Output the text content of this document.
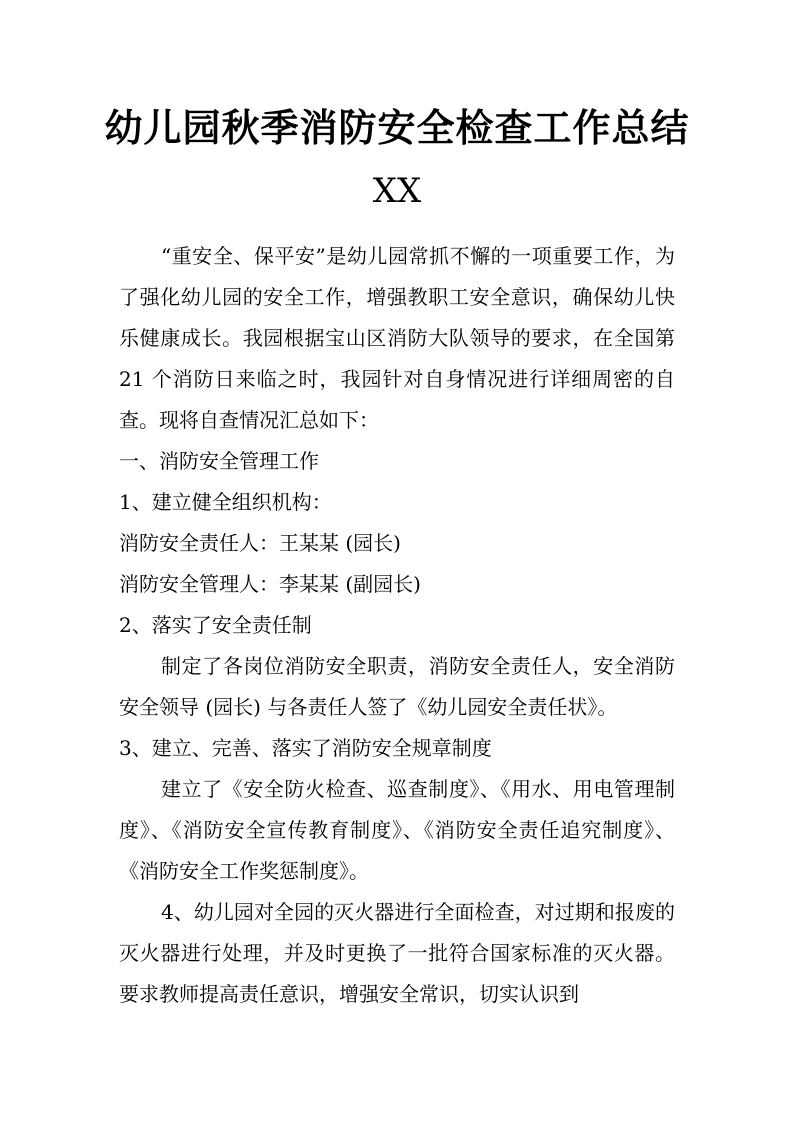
幼儿园秋季消防安全检查工作总结
XX

“重安全、保平安”是幼儿园常抓不懈的一项重要工作，为了强化幼儿园的安全工作，增强教职工安全意识，确保幼儿快乐健康成长。我园根据宝山区消防大队领导的要求，在全国第 21 个消防日来临之时，我园针对自身情况进行详细周密的自查。现将自查情况汇总如下：

一、消防安全管理工作

1、建立健全组织机构：

消防安全责任人：王某某 (园长)

消防安全管理人：李某某 (副园长)

2、落实了安全责任制

制定了各岗位消防安全职责，消防安全责任人，安全消防安全领导 (园长) 与各责任人签了《幼儿园安全责任状》。

3、建立、完善、落实了消防安全规章制度

建立了《安全防火检查、巡查制度》、《用水、用电管理制度》、《消防安全宣传教育制度》、《消防安全责任追究制度》、《消防安全工作奖惩制度》。

4、幼儿园对全园的灭火器进行全面检查，对过期和报废的灭火器进行处理，并及时更换了一批符合国家标准的灭火器。要求教师提高责任意识，增强安全常识，切实认识到
